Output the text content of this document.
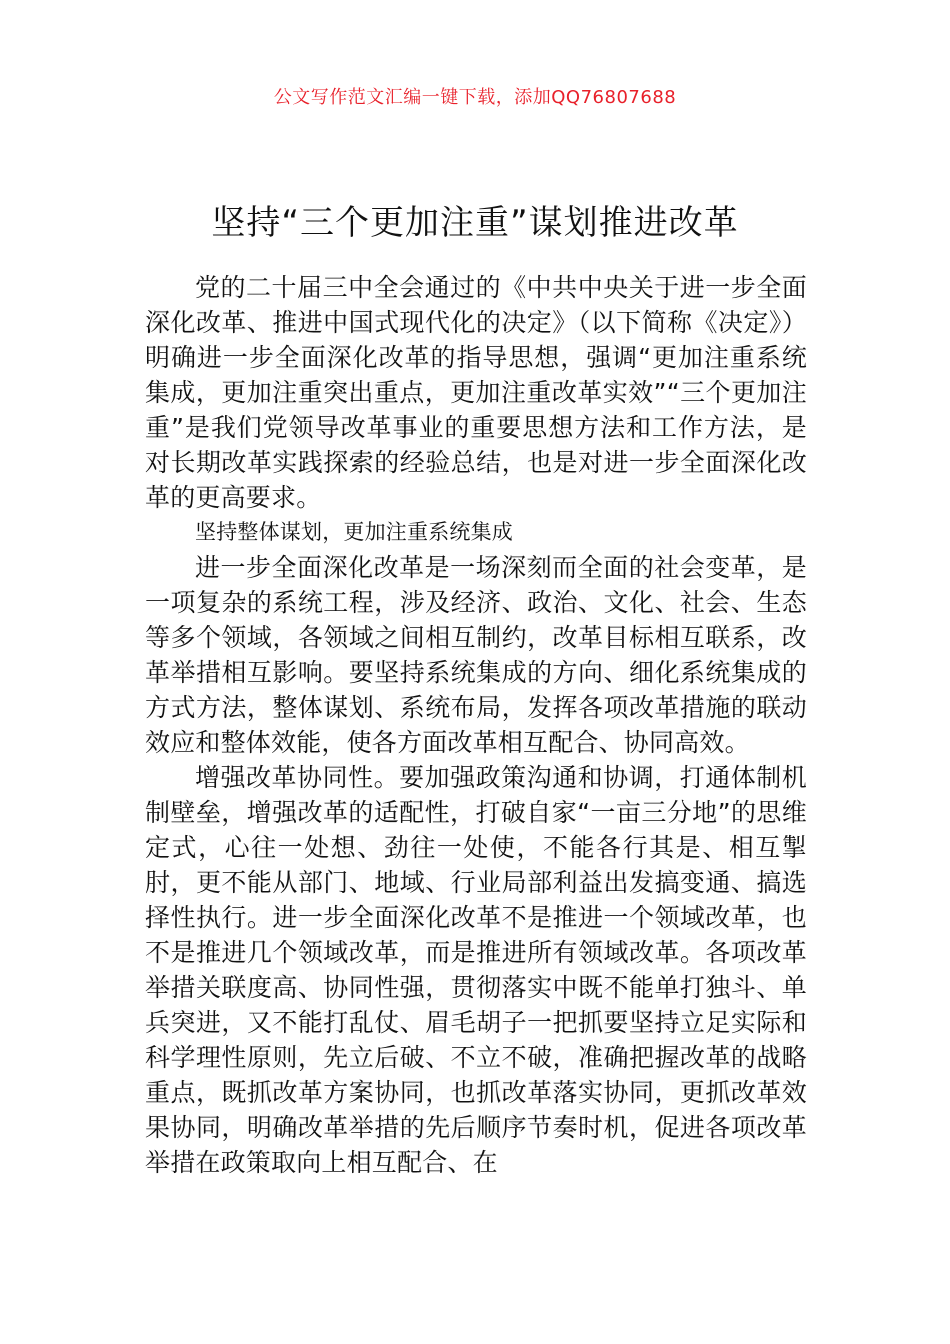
公文写作范文汇编一键下载，添加QQ76807688
坚持“三个更加注重”谋划推进改革

党的二十届三中全会通过的《中共中央关于进一步全面深化改革、推进中国式现代化的决定》（以下简称《决定》）明确进一步全面深化改革的指导思想，强调“更加注重系统集成，更加注重突出重点，更加注重改革实效”“三个更加注重”是我们党领导改革事业的重要思想方法和工作方法，是对长期改革实践探索的经验总结，也是对进一步全面深化改革的更高要求。

坚持整体谋划，更加注重系统集成

进一步全面深化改革是一场深刻而全面的社会变革，是一项复杂的系统工程，涉及经济、政治、文化、社会、生态等多个领域，各领域之间相互制约，改革目标相互联系，改革举措相互影响。要坚持系统集成的方向、细化系统集成的方式方法，整体谋划、系统布局，发挥各项改革措施的联动效应和整体效能，使各方面改革相互配合、协同高效。

增强改革协同性。要加强政策沟通和协调，打通体制机制壁垒，增强改革的适配性，打破自家“一亩三分地”的思维定式，心往一处想、劲往一处使，不能各行其是、相互掣肘，更不能从部门、地域、行业局部利益出发搞变通、搞选择性执行。进一步全面深化改革不是推进一个领域改革，也不是推进几个领域改革，而是推进所有领域改革。各项改革举措关联度高、协同性强，贯彻落实中既不能单打独斗、单兵突进，又不能打乱仗、眉毛胡子一把抓要坚持立足实际和科学理性原则，先立后破、不立不破，准确把握改革的战略重点，既抓改革方案协同，也抓改革落实协同，更抓改革效果协同，明确改革举措的先后顺序节奏时机，促进各项改革举措在政策取向上相互配合、在
